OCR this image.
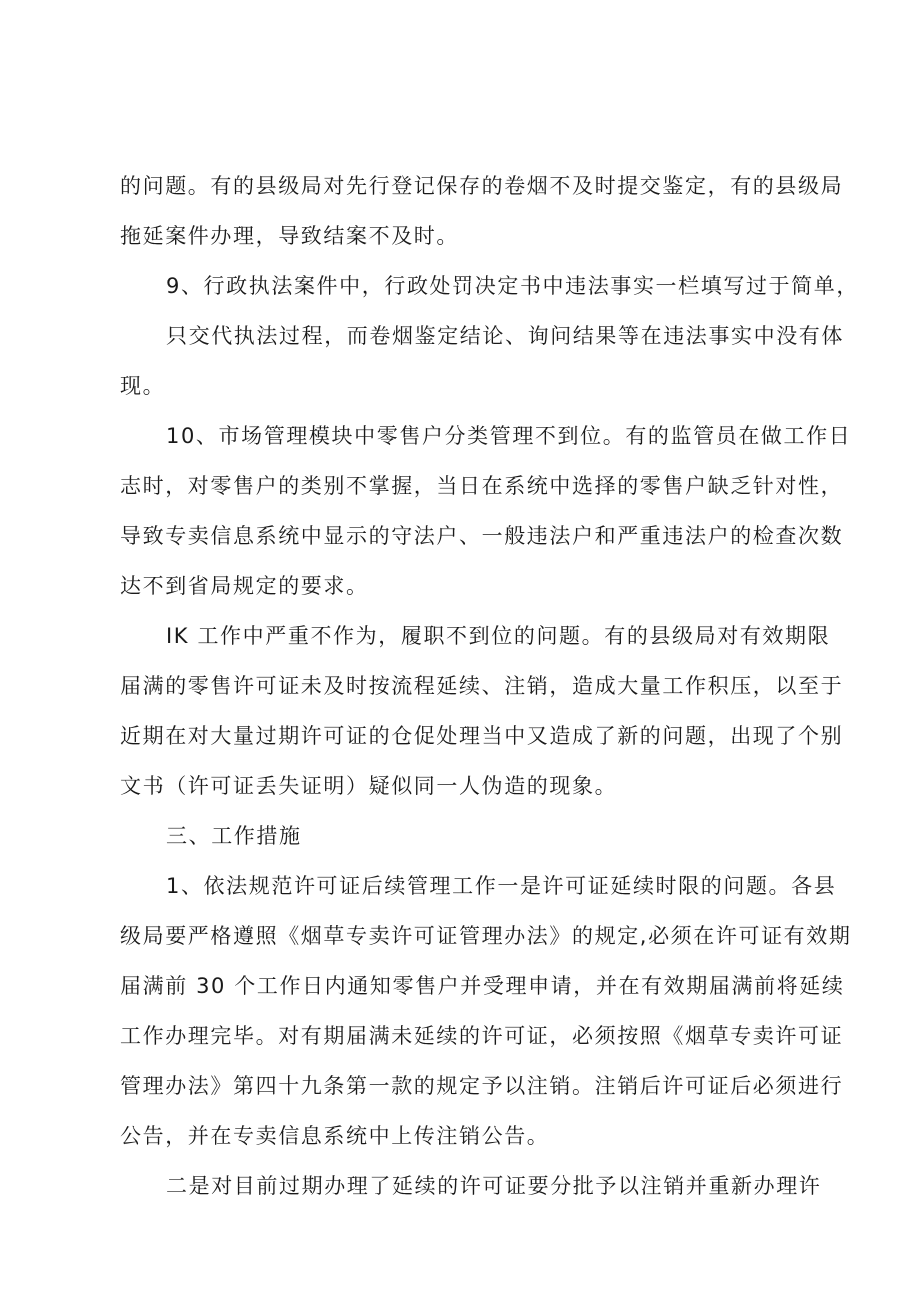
的问题。有的县级局对先行登记保存的卷烟不及时提交鉴定，有的县级局
拖延案件办理，导致结案不及时。
9、行政执法案件中，行政处罚决定书中违法事实一栏填写过于简单，
只交代执法过程，而卷烟鉴定结论、询问结果等在违法事实中没有体
现。
10、市场管理模块中零售户分类管理不到位。有的监管员在做工作日
志时，对零售户的类别不掌握，当日在系统中选择的零售户缺乏针对性，
导致专卖信息系统中显示的守法户、一般违法户和严重违法户的检查次数
达不到省局规定的要求。
IK 工作中严重不作为，履职不到位的问题。有的县级局对有效期限
届满的零售许可证未及时按流程延续、注销，造成大量工作积压，以至于
近期在对大量过期许可证的仓促处理当中又造成了新的问题，出现了个别
文书（许可证丢失证明）疑似同一人伪造的现象。
三、工作措施
1、依法规范许可证后续管理工作一是许可证延续时限的问题。各县
级局要严格遵照《烟草专卖许可证管理办法》的规定,必须在许可证有效期
届满前 30 个工作日内通知零售户并受理申请，并在有效期届满前将延续
工作办理完毕。对有期届满未延续的许可证，必须按照《烟草专卖许可证
管理办法》第四十九条第一款的规定予以注销。注销后许可证后必须进行
公告，并在专卖信息系统中上传注销公告。
二是对目前过期办理了延续的许可证要分批予以注销并重新办理许
